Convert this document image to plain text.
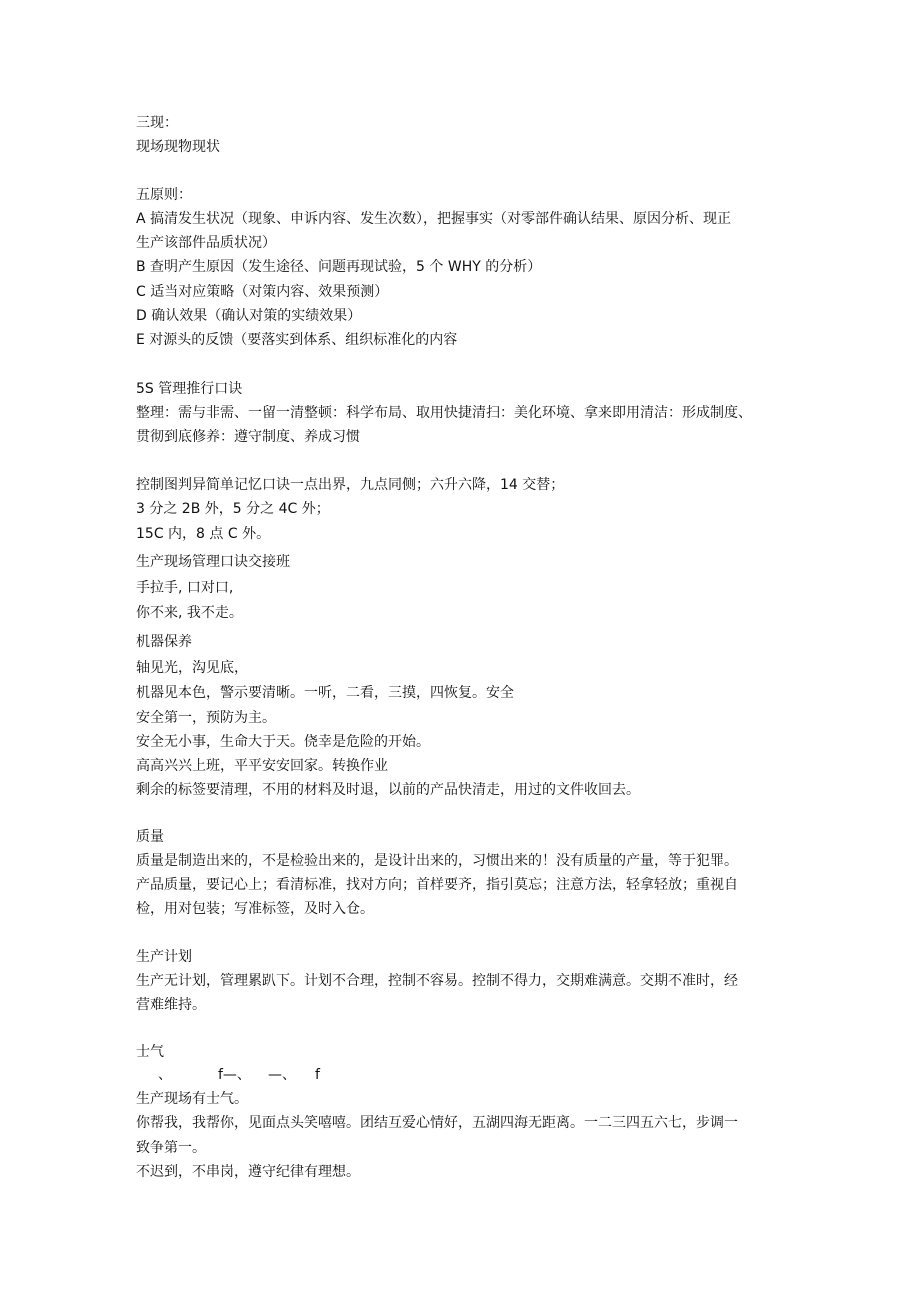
三现：

现场现物现状

五原则：

A 搞清发生状况（现象、申诉内容、发生次数），把握事实（对零部件确认结果、原因分析、现正

生产该部件品质状况）

B 查明产生原因（发生途径、问题再现试验，5 个 WHY 的分析）

C 适当对应策略（对策内容、效果预测）

D 确认效果（确认对策的实绩效果）

E 对源头的反馈（要落实到体系、组织标准化的内容

5S 管理推行口诀

整理：需与非需、一留一清整顿：科学布局、取用快捷清扫：美化环境、拿来即用清洁：形成制度、

贯彻到底修养：遵守制度、养成习惯

控制图判异简单记忆口诀一点出界，九点同侧；六升六降，14 交替；

3 分之 2B 外，5 分之 4C 外；

15C 内，8 点 C 外。

生产现场管理口诀交接班

手拉手, 口对口,

你不来, 我不走。

机器保养

轴见光，沟见底，

机器见本色，警示要清晰。一听，二看，三摸，四恢复。安全

安全第一，预防为主。

安全无小事，生命大于天。侥幸是危险的开始。

高高兴兴上班，平平安安回家。转换作业

剩余的标签要清理，不用的材料及时退，以前的产品快清走，用过的文件收回去。

质量

质量是制造出来的，不是检验出来的，是设计出来的，习惯出来的！没有质量的产量，等于犯罪。

产品质量，要记心上；看清标准，找对方向；首样要齐，指引莫忘；注意方法，轻拿轻放；重视自

检，用对包装；写准标签，及时入仓。

生产计划

生产无计划，管理累趴下。计划不合理，控制不容易。控制不得力，交期难满意。交期不准时，经

营难维持。

士气

、	f—、 —、 f

生产现场有士气。

你帮我，我帮你，见面点头笑嘻嘻。团结互爱心情好，五湖四海无距离。一二三四五六七，步调一

致争第一。

不迟到，不串岗，遵守纪律有理想。
